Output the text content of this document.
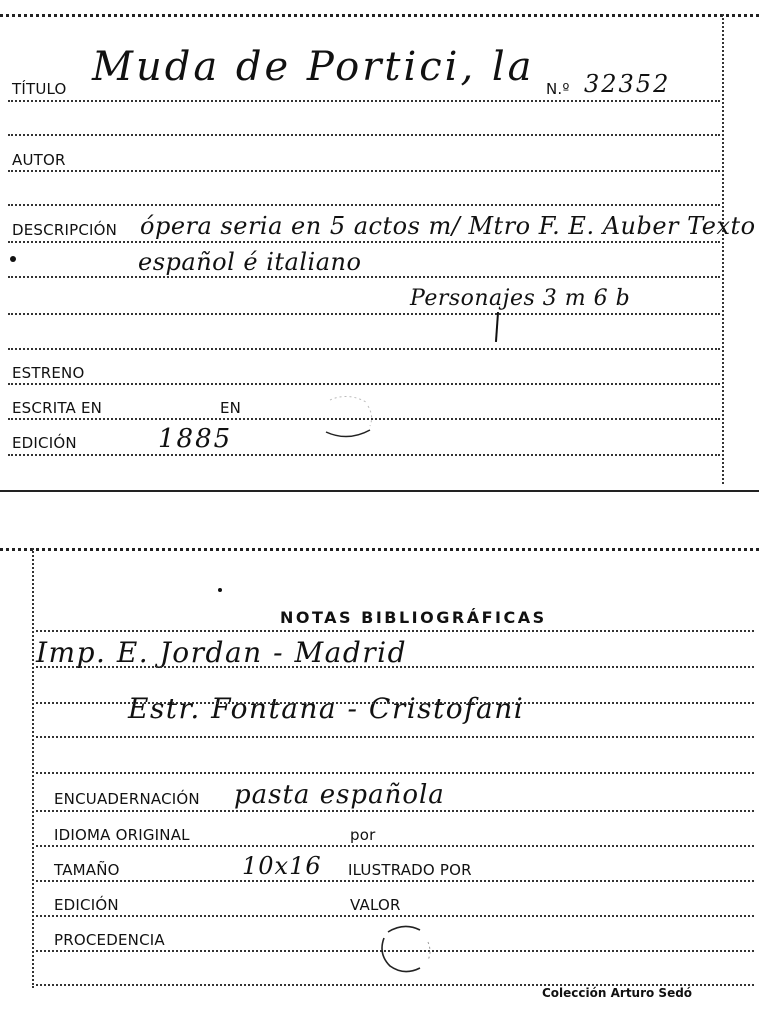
TÍTULO Muda de Portici, la N.º 32352
AUTOR
DESCRIPCIÓN ópera seria en 5 actos m/ Mtro F. E. Auber Texto
español é italiano
Personajes 3 m 6 b
ESTRENO
ESCRITA EN	EN
EDICIÓN	1885
NOTAS BIBLIOGRÁFICAS
Imp. E. Jordan - Madrid
Estr. Fontana - Cristofani
ENCUADERNACIÓN pasta española
IDIOMA ORIGINAL	por
TAMAÑO	10x16 ILUSTRADO POR
EDICIÓN	VALOR
PROCEDENCIA
Colección Arturo Sedó
